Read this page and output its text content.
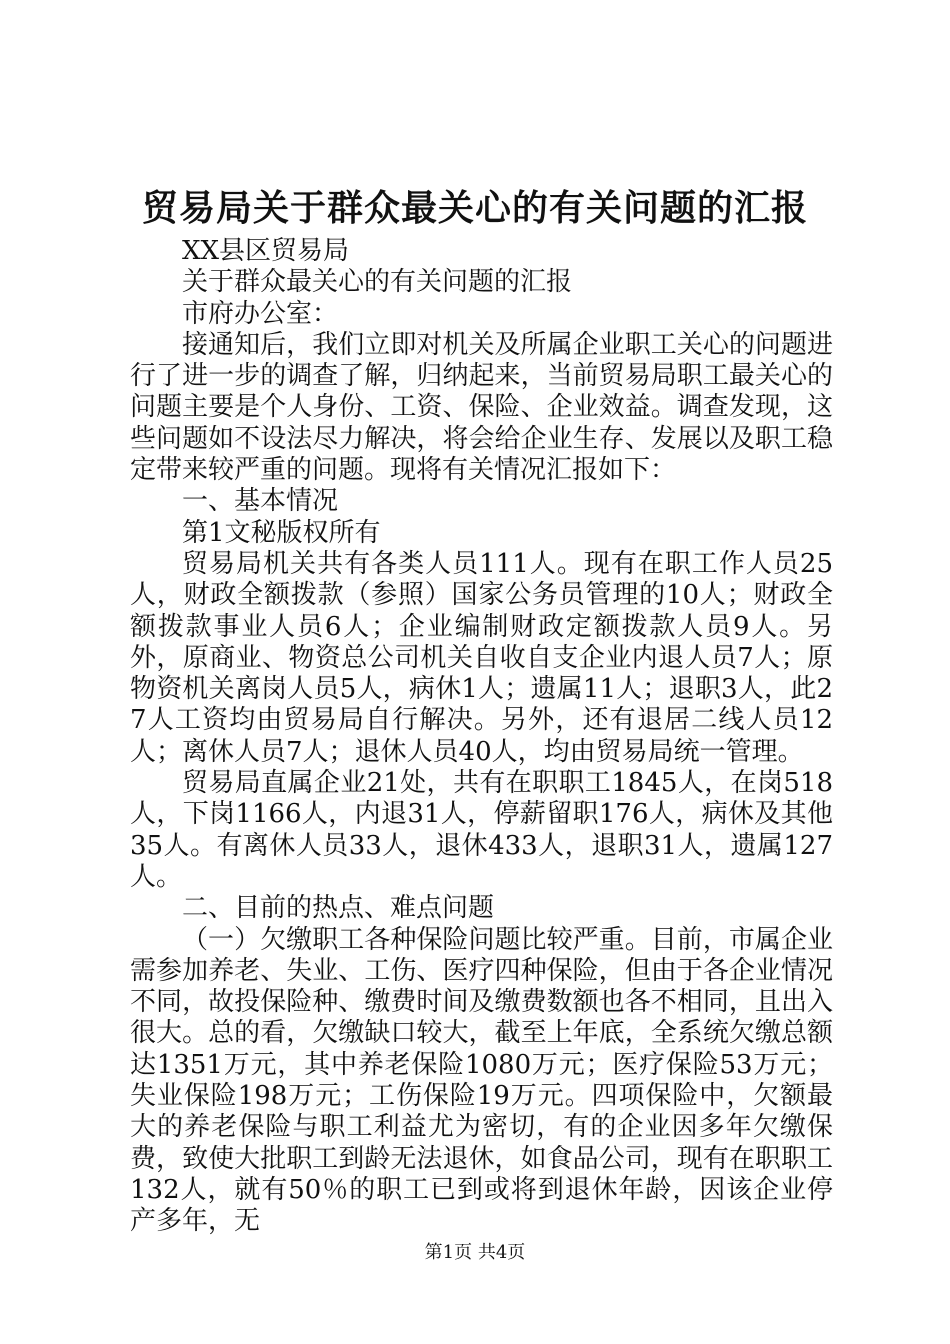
贸易局关于群众最关心的有关问题的汇报

XX县区贸易局

关于群众最关心的有关问题的汇报

市府办公室：

接通知后，我们立即对机关及所属企业职工关心的问题进行了进一步的调查了解，归纳起来，当前贸易局职工最关心的问题主要是个人身份、工资、保险、企业效益。调查发现，这些问题如不设法尽力解决，将会给企业生存、发展以及职工稳定带来较严重的问题。现将有关情况汇报如下：

一、基本情况

第1文秘版权所有

贸易局机关共有各类人员111人。现有在职工作人员25人，财政全额拨款（参照）国家公务员管理的10人；财政全额拨款事业人员6人；企业编制财政定额拨款人员9人。另外，原商业、物资总公司机关自收自支企业内退人员7人；原物资机关离岗人员5人，病休1人；遗属11人；退职3人，此27人工资均由贸易局自行解决。另外，还有退居二线人员12人；离休人员7人；退休人员40人，均由贸易局统一管理。

贸易局直属企业21处，共有在职职工1845人，在岗518人，下岗1166人，内退31人，停薪留职176人，病休及其他35人。有离休人员33人，退休433人，退职31人，遗属127人。

二、目前的热点、难点问题

（一）欠缴职工各种保险问题比较严重。目前，市属企业需参加养老、失业、工伤、医疗四种保险，但由于各企业情况不同，故投保险种、缴费时间及缴费数额也各不相同，且出入很大。总的看，欠缴缺口较大，截至上年底，全系统欠缴总额达1351万元，其中养老保险1080万元；医疗保险53万元；失业保险198万元；工伤保险19万元。四项保险中，欠额最大的养老保险与职工利益尤为密切，有的企业因多年欠缴保费，致使大批职工到龄无法退休，如食品公司，现有在职职工132人，就有50％的职工已到或将到退休年龄，因该企业停产多年，无

第1页 共4页
